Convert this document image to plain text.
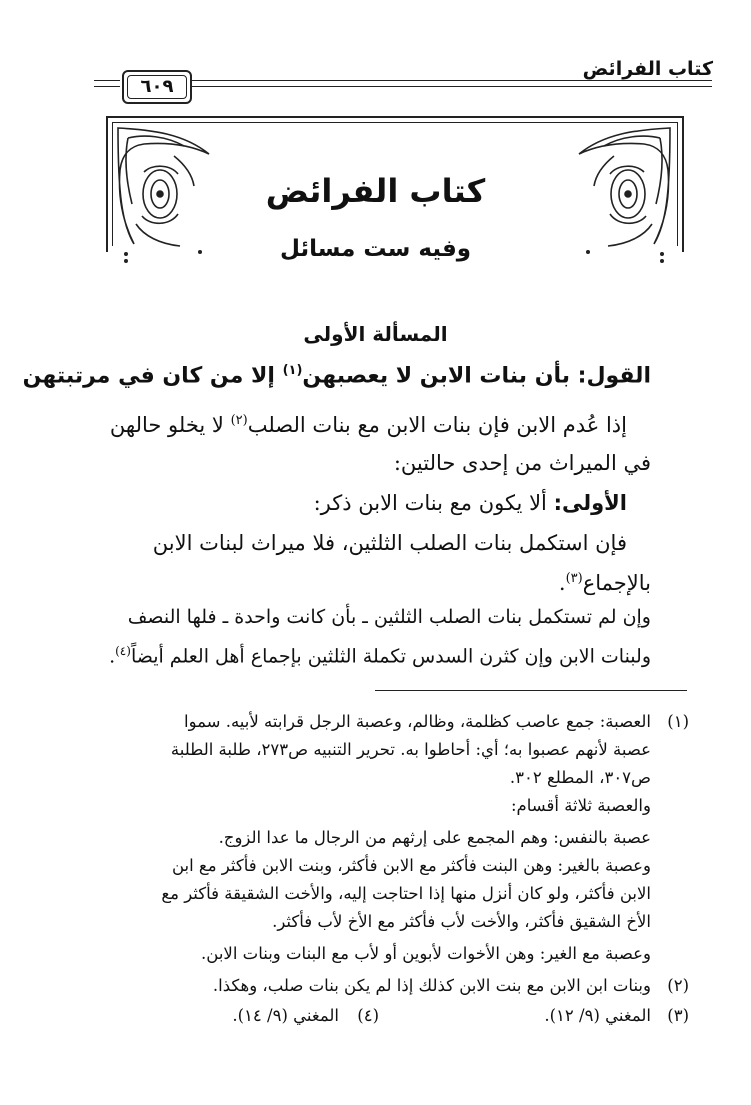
كتاب الفرائض
٦٠٩
كتاب الفرائض
وفيه ست مسائل
المسألة الأولى
القول: بأن بنات الابن لا يعصبهن$^{(١)}$ إلا من كان في مرتبتهن
إذا عُدم الابن فإن بنات الابن مع بنات الصلب$^{(٢)}$ لا يخلو حالهن
في الميراث من إحدى حالتين:
الأولى: ألا يكون مع بنات الابن ذكر:
فإن استكمل بنات الصلب الثلثين، فلا ميراث لبنات الابن
بالإجماع$^{(٣)}$.
وإن لم تستكمل بنات الصلب الثلثين ـ بأن كانت واحدة ـ فلها النصف
ولبنات الابن وإن كثرن السدس تكملة الثلثين بإجماع أهل العلم أيضاً$^{(٤)}$.
(١)
العصبة: جمع عاصب كظلمة، وظالم، وعصبة الرجل قرابته لأبيه. سموا
عصبة لأنهم عصبوا به؛ أي: أحاطوا به. تحرير التنبيه ص٢٧٣، طلبة الطلبة
ص٣٠٧، المطلع ٣٠٢.
والعصبة ثلاثة أقسام:
عصبة بالنفس: وهم المجمع على إرثهم من الرجال ما عدا الزوج.
وعصبة بالغير: وهن البنت فأكثر مع الابن فأكثر، وبنت الابن فأكثر مع ابن
الابن فأكثر، ولو كان أنزل منها إذا احتاجت إليه، والأخت الشقيقة فأكثر مع
الأخ الشقيق فأكثر، والأخت لأب فأكثر مع الأخ لأب فأكثر.
وعصبة مع الغير: وهن الأخوات لأبوين أو لأب مع البنات وبنات الابن.
(٢)
وبنات ابن الابن مع بنت الابن كذلك إذا لم يكن بنات صلب، وهكذا.
(٣)
المغني (٩/ ١٢).
(٤)
المغني (٩/ ١٤).
